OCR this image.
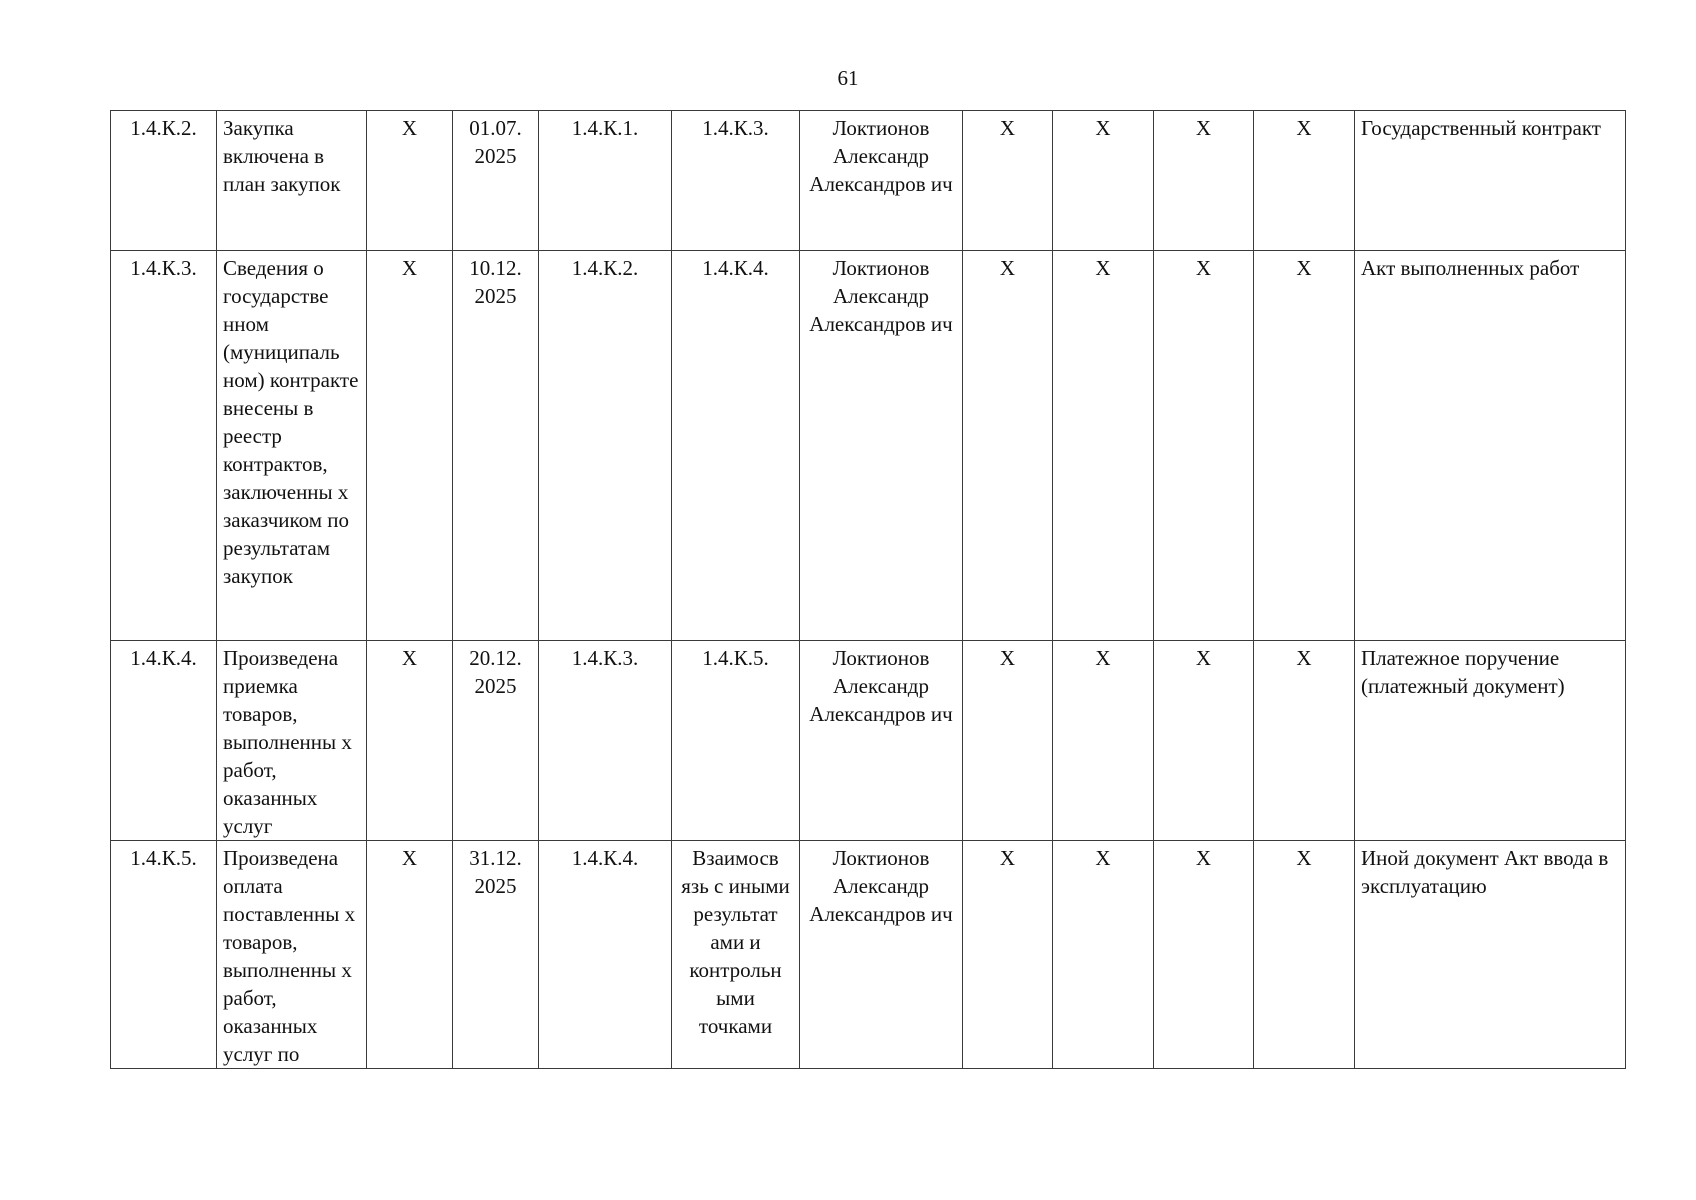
61
1.4.К.2.	Закупка включена в план закупок	X	01.07. 2025	1.4.К.1.	1.4.К.3.	Локтионов Александр Александров ич	X	X	X	X	Государственный контракт
1.4.К.3.	Сведения о государстве нном (муниципаль ном) контракте внесены в реестр контрактов, заключенны х заказчиком по результатам закупок	X	10.12. 2025	1.4.К.2.	1.4.К.4.	Локтионов Александр Александров ич	X	X	X	X	Акт выполненных работ
1.4.К.4.	Произведена приемка товаров, выполненны х работ, оказанных услуг	X	20.12. 2025	1.4.К.3.	1.4.К.5.	Локтионов Александр Александров ич	X	X	X	X	Платежное поручение (платежный документ)
1.4.К.5.	Произведена оплата поставленны х товаров, выполненны х работ, оказанных услуг по	X	31.12. 2025	1.4.К.4.	Взаимосв язь с иными результат ами и контрольн ыми точками	Локтионов Александр Александров ич	X	X	X	X	Иной документ Акт ввода в эксплуатацию
